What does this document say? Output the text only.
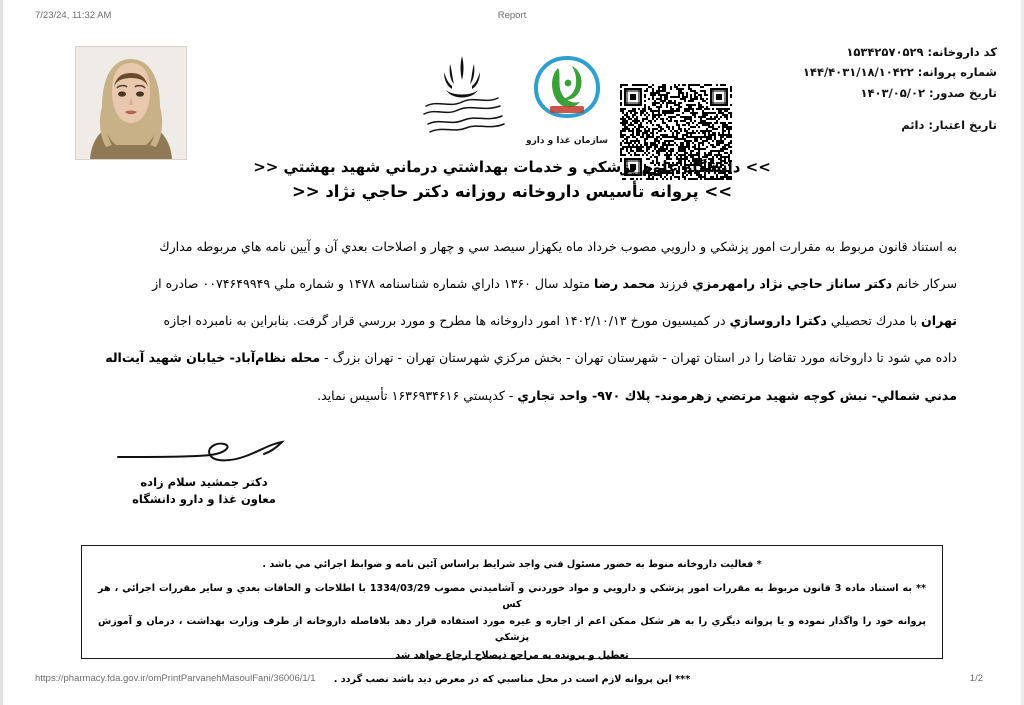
7/23/24, 11:32 AM	Report
سازمان غذا و دارو
کد داروخانه: ۱۵۳۴۲۵۷۰۵۲۹
شماره پروانه: ۱۴۴/۴۰۳۱/۱۸/۱۰۴۲۲
تاریخ صدور: ۱۴۰۳/۰۵/۰۲
تاریخ اعتبار: دائم
>> دانشگاه علوم پزشكي و خدمات بهداشتي درماني شهيد بهشتي <<
>> پروانه تأسيس داروخانه روزانه دكتر حاجي نژاد <<

به استناد قانون مربوط به مقرارت امور پزشكي و دارويي مصوب خرداد ماه يكهزار سيصد سي و چهار و اصلاحات بعدي آن و آيين نامه هاي مربوطه مدارك

سركار خانم دكتر ساناز حاجي نژاد رامهرمزي فرزند محمد رضا متولد سال ۱۳۶۰ داراي شماره شناسنامه ۱۴۷۸ و شماره ملي ۰۰۷۴۶۴۹۹۴۹ صادره از

تهران با مدرك تحصيلي دكترا داروسازي در كميسيون مورخ ۱۴۰۲/۱۰/۱۳ امور داروخانه ها مطرح و مورد بررسي قرار گرفت. بنابراين به نامبرده اجازه

داده مي شود تا داروخانه مورد تقاضا را در استان تهران - شهرستان تهران - بخش مركزي شهرستان تهران - تهران بزرگ - محله نظام‌آباد- خيابان شهيد آيت‌اله

مدني شمالي- نبش كوچه شهيد مرتضي زهرموند- پلاك ۹۷۰- واحد تجاري - كدپستي ۱۶۳۶۹۳۴۶۱۶ تأسيس نمايد.

دكتر جمشيد سلام زاده
معاون غذا و دارو دانشگاه

* فعاليت داروخانه منوط به حضور مسئول فني واجد شرايط براساس آئين نامه و ضوابط اجرائي مي باشد .

** به استناد ماده 3 قانون مربوط به مقررات امور پزشكي و دارويي و مواد خوردني و آشاميدني مصوب 1334/03/29 با اطلاحات و الحاقات بعدي و ساير مقررات اجرائي ، هر كس

پروانه خود را واگذار نموده و يا پروانه ديگري را به هر شكل ممكن اعم از اجاره و غيره مورد استفاده قرار دهد بلافاصله داروخانه از طرف وزارت بهداشت ، درمان و آموزش پزشكي

تعطيل و پرونده به مراجع ذيصلاح ارجاع خواهد شد

*** اين پروانه لازم است در محل مناسبي كه در معرض ديد باشد نصب گردد .

https://pharmacy.fda.gov.ir/omPrintParvanehMasoulFani/36006/1/1	1/2
